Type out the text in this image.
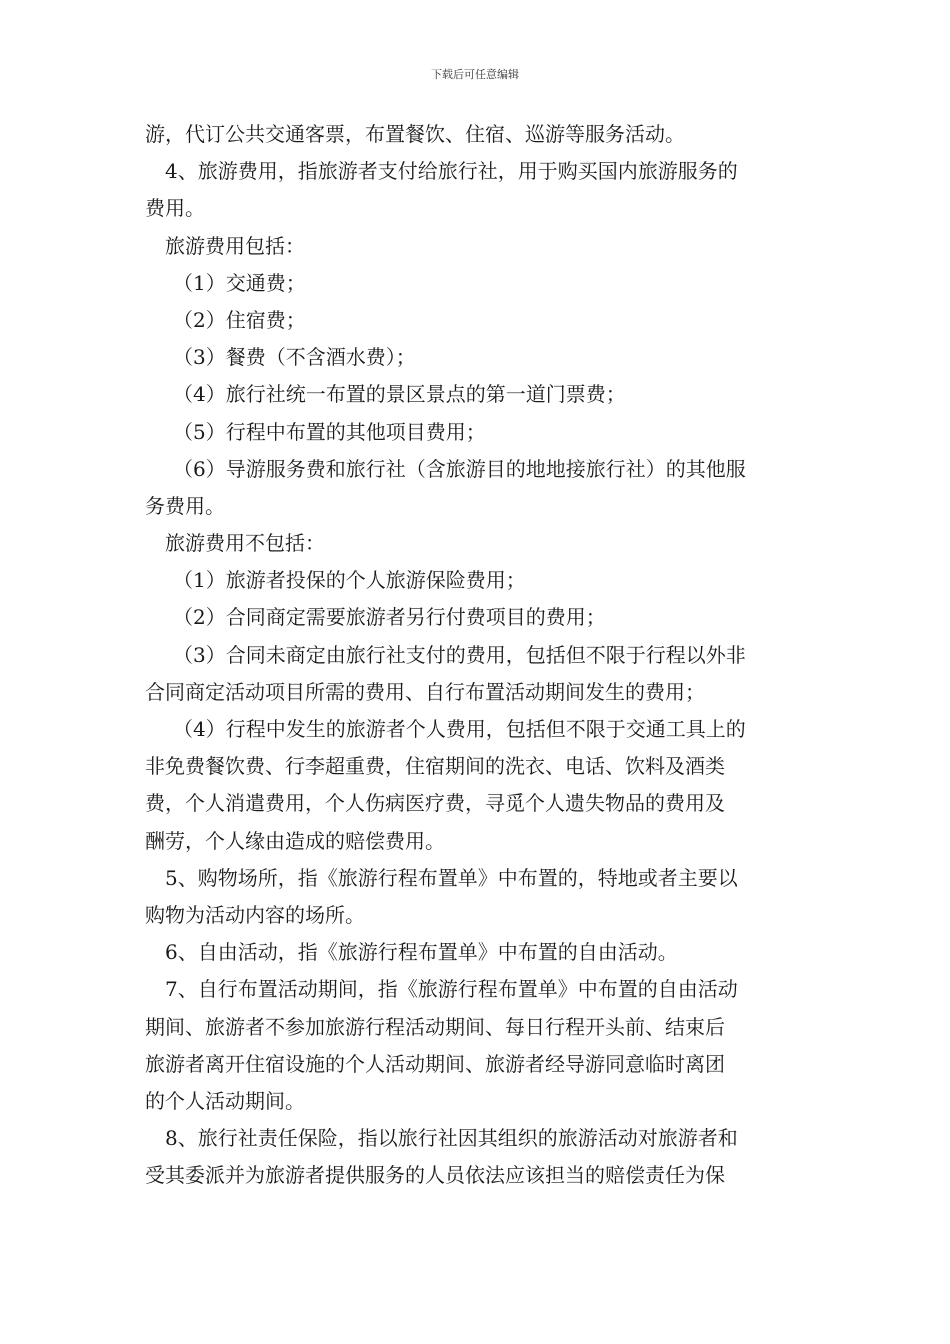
下载后可任意编辑
游，代订公共交通客票，布置餐饮、住宿、巡游等服务活动。
4、旅游费用，指旅游者支付给旅行社，用于购买国内旅游服务的
费用。
旅游费用包括：
（1）交通费；
（2）住宿费；
（3）餐费（不含酒水费）；
（4）旅行社统一布置的景区景点的第一道门票费；
（5）行程中布置的其他项目费用；
（6）导游服务费和旅行社（含旅游目的地地接旅行社）的其他服
务费用。
旅游费用不包括：
（1）旅游者投保的个人旅游保险费用；
（2）合同商定需要旅游者另行付费项目的费用；
（3）合同未商定由旅行社支付的费用，包括但不限于行程以外非
合同商定活动项目所需的费用、自行布置活动期间发生的费用；
（4）行程中发生的旅游者个人费用，包括但不限于交通工具上的
非免费餐饮费、行李超重费，住宿期间的洗衣、电话、饮料及酒类
费，个人消遣费用，个人伤病医疗费，寻觅个人遗失物品的费用及
酬劳，个人缘由造成的赔偿费用。
5、购物场所，指《旅游行程布置单》中布置的，特地或者主要以
购物为活动内容的场所。
6、自由活动，指《旅游行程布置单》中布置的自由活动。
7、自行布置活动期间，指《旅游行程布置单》中布置的自由活动
期间、旅游者不参加旅游行程活动期间、每日行程开头前、结束后
旅游者离开住宿设施的个人活动期间、旅游者经导游同意临时离团
的个人活动期间。
8、旅行社责任保险，指以旅行社因其组织的旅游活动对旅游者和
受其委派并为旅游者提供服务的人员依法应该担当的赔偿责任为保
